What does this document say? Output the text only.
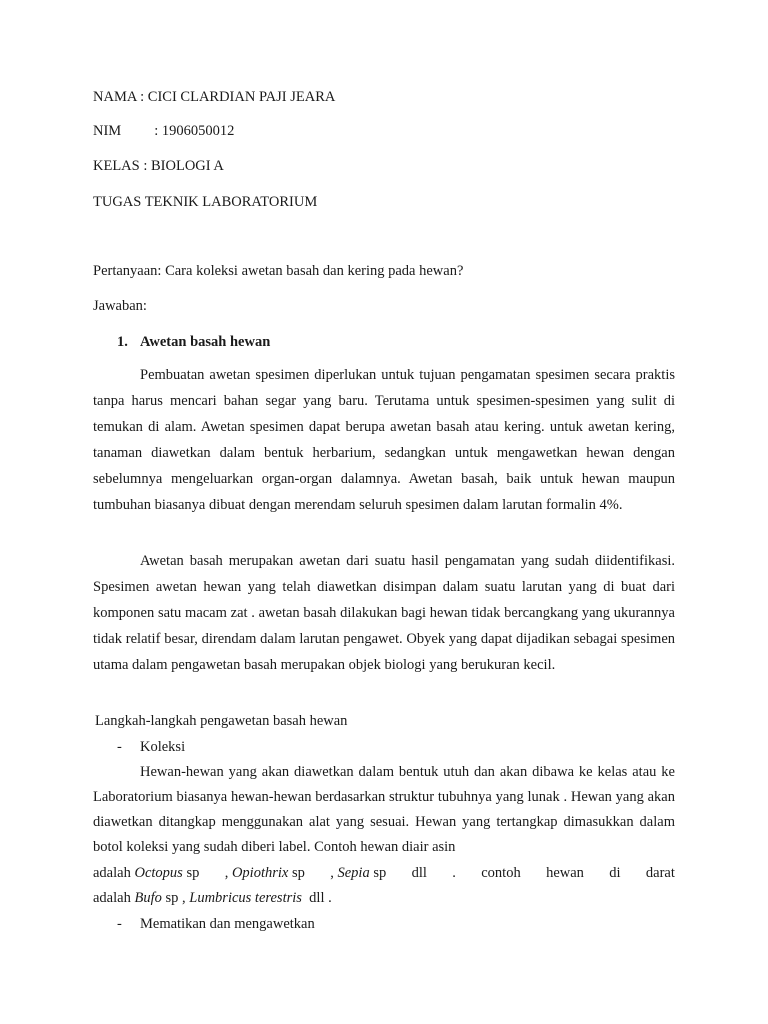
NAMA : CICI CLARDIAN PAJI JEARA
NIM : 1906050012
KELAS : BIOLOGI A
TUGAS TEKNIK LABORATORIUM
Pertanyaan: Cara koleksi awetan basah dan kering pada hewan?
Jawaban:
1. Awetan basah hewan
Pembuatan awetan spesimen diperlukan untuk tujuan pengamatan spesimen secara praktis tanpa harus mencari bahan segar yang baru. Terutama untuk spesimen-spesimen yang sulit di temukan di alam. Awetan spesimen dapat berupa awetan basah atau kering. untuk awetan kering, tanaman diawetkan dalam bentuk herbarium, sedangkan untuk mengawetkan hewan dengan sebelumnya mengeluarkan organ-organ dalamnya. Awetan basah, baik untuk hewan maupun tumbuhan biasanya dibuat dengan merendam seluruh spesimen dalam larutan formalin 4%.
Awetan basah merupakan awetan dari suatu hasil pengamatan yang sudah diidentifikasi. Spesimen awetan hewan yang telah diawetkan disimpan dalam suatu larutan yang di buat dari komponen satu macam zat . awetan basah dilakukan bagi hewan tidak bercangkang yang ukurannya tidak relatif besar, direndam dalam larutan pengawet. Obyek yang dapat dijadikan sebagai spesimen utama dalam pengawetan basah merupakan objek biologi yang berukuran kecil.
Langkah-langkah pengawetan basah hewan
- Koleksi
Hewan-hewan yang akan diawetkan dalam bentuk utuh dan akan dibawa ke kelas atau ke Laboratorium biasanya hewan-hewan berdasarkan struktur tubuhnya yang lunak . Hewan yang akan diawetkan ditangkap menggunakan alat yang sesuai. Hewan yang tertangkap dimasukkan dalam botol koleksi yang sudah diberi label. Contoh hewan diair asin
adalah Octopus sp , Opiothrix sp , Sepia sp dll . contoh hewan di darat
adalah Bufo sp , Lumbricus terestris dll .
- Mematikan dan mengawetkan
